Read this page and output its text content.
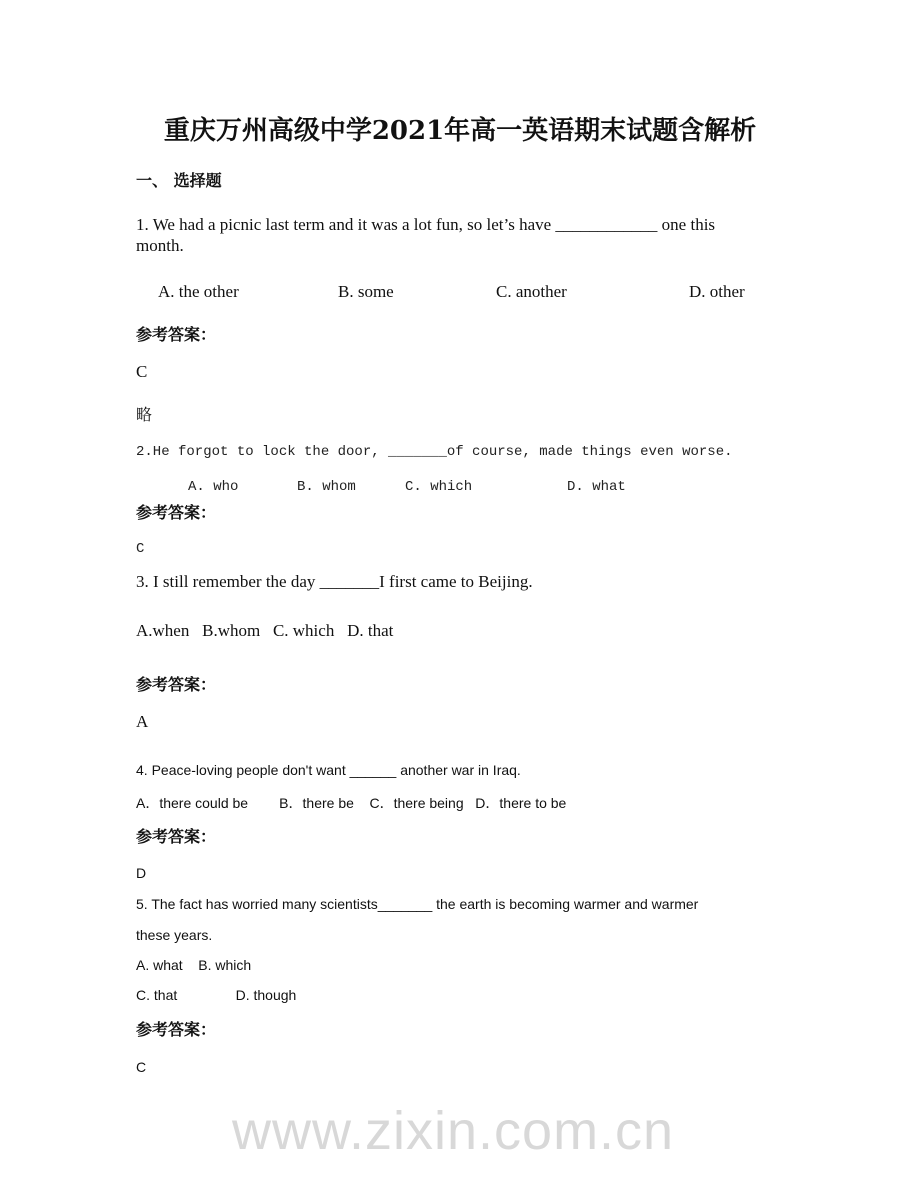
重庆万州高级中学2021年高一英语期末试题含解析
一、 选择题
1. We had a picnic last term and it was a lot fun, so let’s have ____________ one this
month.
A. the other	B. some	C. another	D. other
参考答案：
C
略
2.He forgot to lock the door, _______of course, made things even worse.
A. who	B. whom	C. which	D. what
参考答案：
C
3. I still remember the day _______I first came to Beijing.
A.when   B.whom   C. which   D. that
参考答案：
A
4. Peace-loving people don't want ______ another war in Iraq.
A．there could be        B．there be    C．there being   D．there to be
参考答案：
D
5. The fact has worried many scientists_______ the earth is becoming warmer and warmer
these years.
A. what    B. which
C. that               D. though
参考答案：
C
www.zixin.com.cn
